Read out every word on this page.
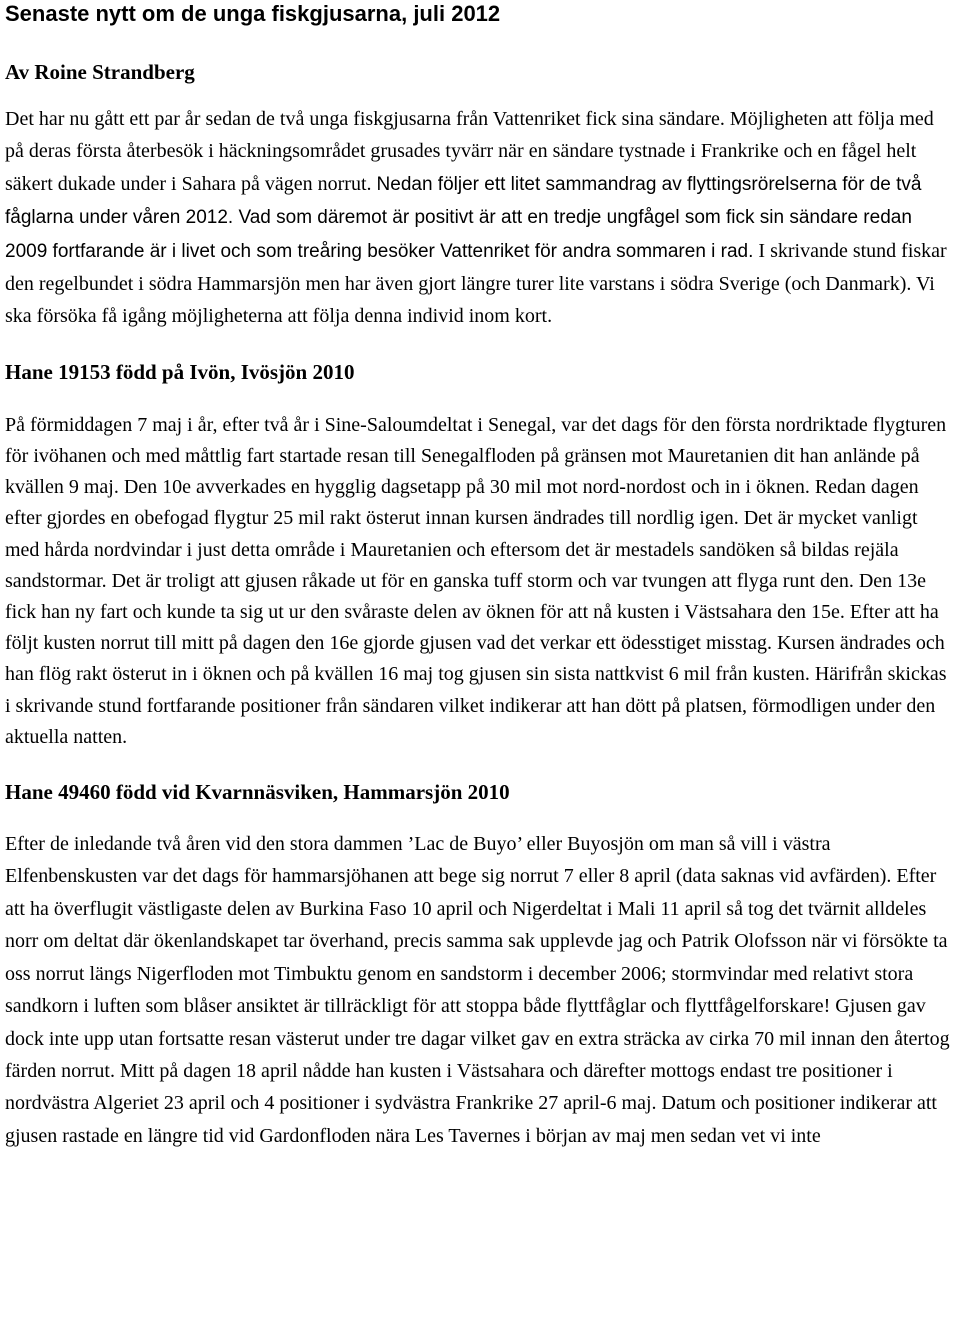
Senaste nytt om de unga fiskgjusarna, juli 2012

Av Roine Strandberg

Det har nu gått ett par år sedan de två unga fiskgjusarna från Vattenriket fick sina sändare. Möjligheten att följa med på deras första återbesök i häckningsområdet grusades tyvärr när en sändare tystnade i Frankrike och en fågel helt säkert dukade under i Sahara på vägen norrut. Nedan följer ett litet sammandrag av flyttingsrörelserna för de två fåglarna under våren 2012. Vad som däremot är positivt är att en tredje ungfågel som fick sin sändare redan 2009 fortfarande är i livet och som treåring besöker Vattenriket för andra sommaren i rad. I skrivande stund fiskar den regelbundet i södra Hammarsjön men har även gjort längre turer lite varstans i södra Sverige (och Danmark). Vi ska försöka få igång möjligheterna att följa denna individ inom kort.

Hane 19153 född på Ivön, Ivösjön 2010

På förmiddagen 7 maj i år, efter två år i Sine-Saloumdeltat i Senegal, var det dags för den första nordriktade flygturen för ivöhanen och med måttlig fart startade resan till Senegalfloden på gränsen mot Mauretanien dit han anlände på kvällen 9 maj. Den 10e avverkades en hygglig dagsetapp på 30 mil mot nord-nordost och in i öknen. Redan dagen efter gjordes en obefogad flygtur 25 mil rakt österut innan kursen ändrades till nordlig igen. Det är mycket vanligt med hårda nordvindar i just detta område i Mauretanien och eftersom det är mestadels sandöken så bildas rejäla sandstormar. Det är troligt att gjusen råkade ut för en ganska tuff storm och var tvungen att flyga runt den. Den 13e fick han ny fart och kunde ta sig ut ur den svåraste delen av öknen för att nå kusten i Västsahara den 15e. Efter att ha följt kusten norrut till mitt på dagen den 16e gjorde gjusen vad det verkar ett ödesstiget misstag. Kursen ändrades och han flög rakt österut in i öknen och på kvällen 16 maj tog gjusen sin sista nattkvist 6 mil från kusten. Härifrån skickas i skrivande stund fortfarande positioner från sändaren vilket indikerar att han dött på platsen, förmodligen under den aktuella natten.

Hane 49460 född vid Kvarnnäsviken, Hammarsjön 2010

Efter de inledande två åren vid den stora dammen ’Lac de Buyo’ eller Buyosjön om man så vill i västra Elfenbenskusten var det dags för hammarsjöhanen att bege sig norrut 7 eller 8 april (data saknas vid avfärden). Efter att ha överflugit västligaste delen av Burkina Faso 10 april och Nigerdeltat i Mali 11 april så tog det tvärnit alldeles norr om deltat där ökenlandskapet tar överhand, precis samma sak upplevde jag och Patrik Olofsson när vi försökte ta oss norrut längs Nigerfloden mot Timbuktu genom en sandstorm i december 2006; stormvindar med relativt stora sandkorn i luften som blåser ansiktet är tillräckligt för att stoppa både flyttfåglar och flyttfågelforskare! Gjusen gav dock inte upp utan fortsatte resan västerut under tre dagar vilket gav en extra sträcka av cirka 70 mil innan den återtog färden norrut. Mitt på dagen 18 april nådde han kusten i Västsahara och därefter mottogs endast tre positioner i nordvästra Algeriet 23 april och 4 positioner i sydvästra Frankrike 27 april-6 maj. Datum och positioner indikerar att gjusen rastade en längre tid vid Gardonfloden nära Les Tavernes i början av maj men sedan vet vi inte
